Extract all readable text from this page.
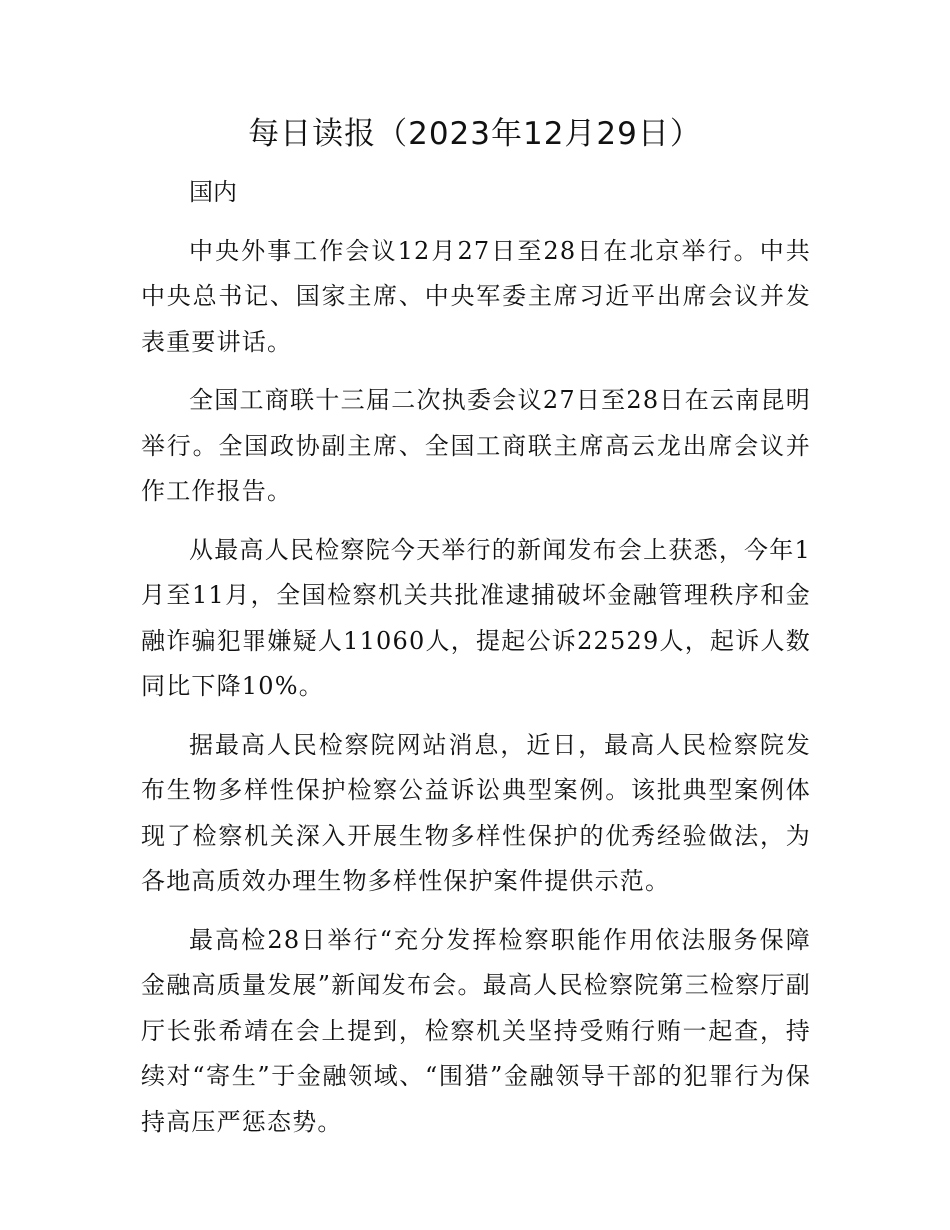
每日读报（2023年12月29日）

国内

中央外事工作会议12月27日至28日在北京举行。中共中央总书记、国家主席、中央军委主席习近平出席会议并发表重要讲话。

全国工商联十三届二次执委会议27日至28日在云南昆明举行。全国政协副主席、全国工商联主席高云龙出席会议并作工作报告。

从最高人民检察院今天举行的新闻发布会上获悉，今年1月至11月，全国检察机关共批准逮捕破坏金融管理秩序和金融诈骗犯罪嫌疑人11060人，提起公诉22529人，起诉人数同比下降10%。

据最高人民检察院网站消息，近日，最高人民检察院发布生物多样性保护检察公益诉讼典型案例。该批典型案例体现了检察机关深入开展生物多样性保护的优秀经验做法，为各地高质效办理生物多样性保护案件提供示范。

最高检28日举行“充分发挥检察职能作用依法服务保障金融高质量发展”新闻发布会。最高人民检察院第三检察厅副厅长张希靖在会上提到，检察机关坚持受贿行贿一起查，持续对“寄生”于金融领域、“围猎”金融领导干部的犯罪行为保持高压严惩态势。
